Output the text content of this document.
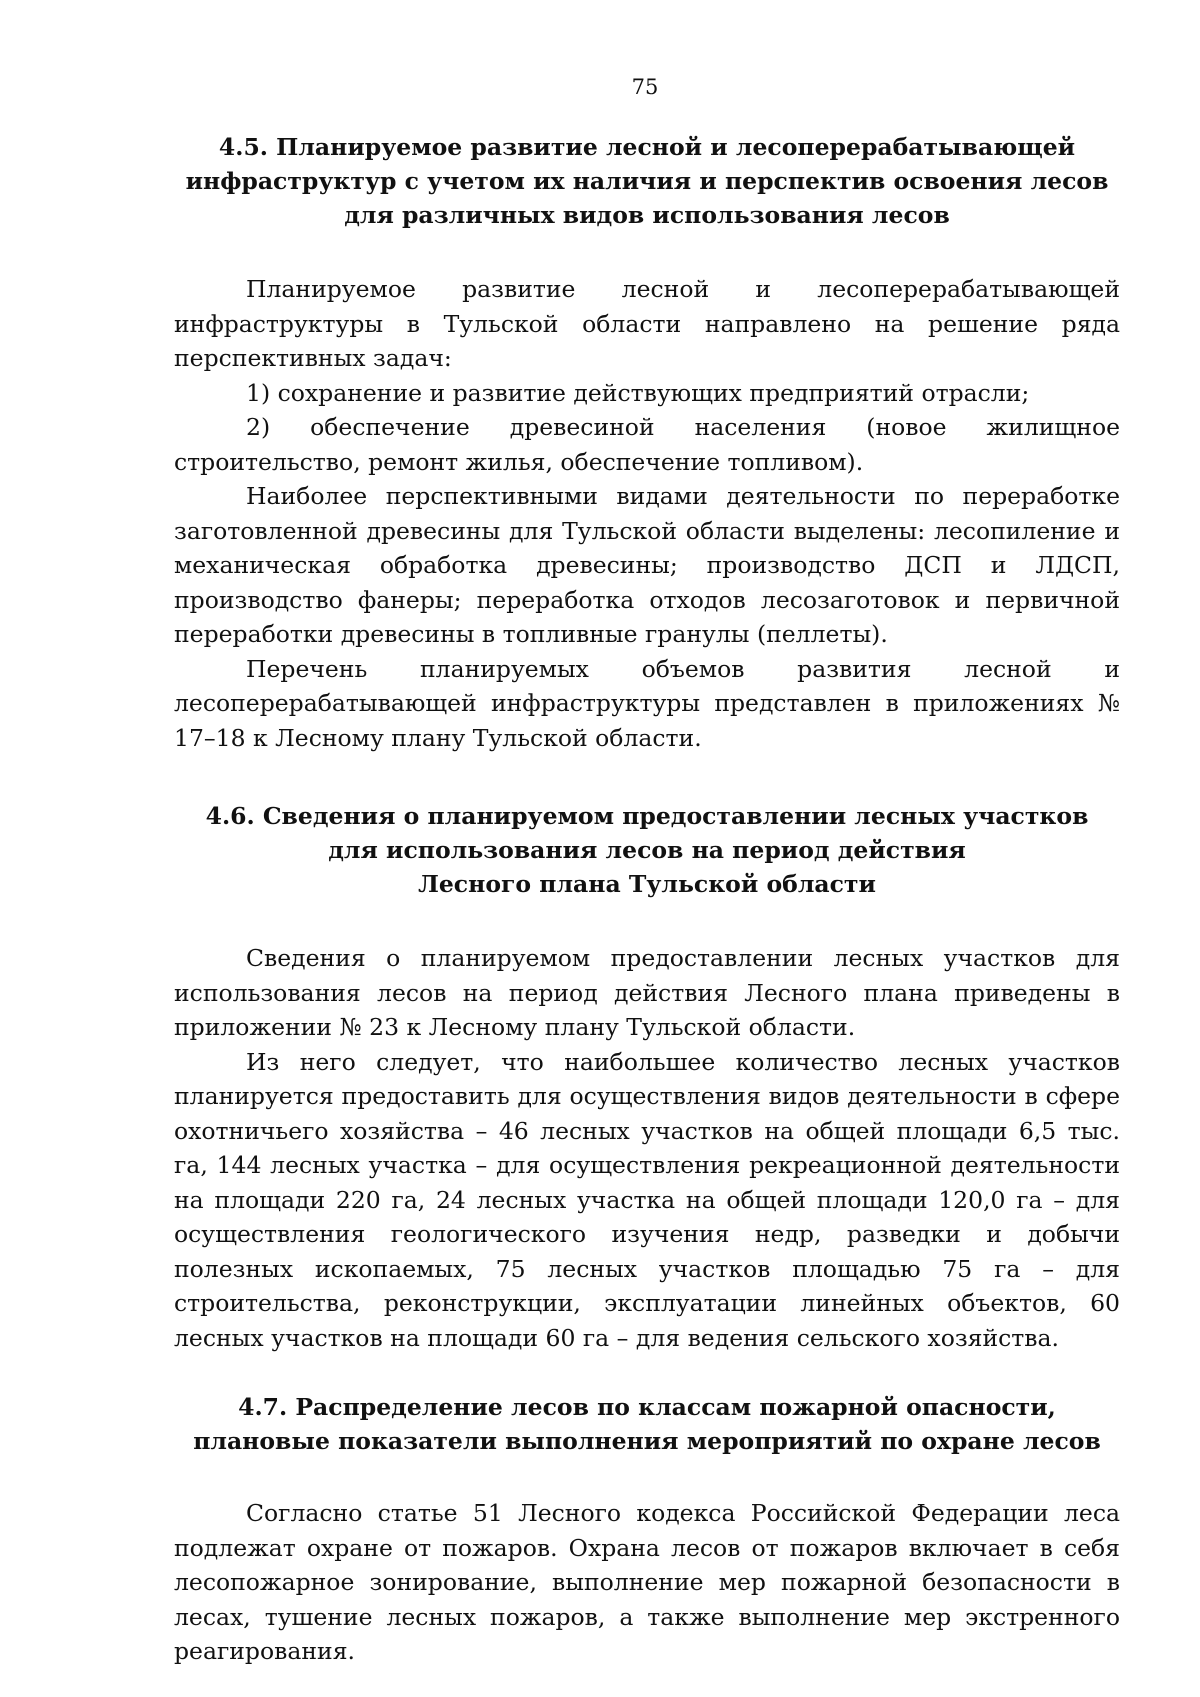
75
4.5. Планируемое развитие лесной и лесоперерабатывающей
инфраструктур с учетом их наличия и перспектив освоения лесов
для различных видов использования лесов

Планируемое развитие лесной и лесоперерабатывающей инфраструктуры в Тульской области направлено на решение ряда перспективных задач:

1) сохранение и развитие действующих предприятий отрасли;

2) обеспечение древесиной населения (новое жилищное строительство, ремонт жилья, обеспечение топливом).

Наиболее перспективными видами деятельности по переработке заготовленной древесины для Тульской области выделены: лесопиление и механическая обработка древесины; производство ДСП и ЛДСП, производство фанеры; переработка отходов лесозаготовок и первичной переработки древесины в топливные гранулы (пеллеты).

Перечень планируемых объемов развития лесной и лесоперерабатывающей инфраструктуры представлен в приложениях № 17–18 к Лесному плану Тульской области.

4.6. Сведения о планируемом предоставлении лесных участков
для использования лесов на период действия
Лесного плана Тульской области

Сведения о планируемом предоставлении лесных участков для использования лесов на период действия Лесного плана приведены в приложении № 23 к Лесному плану Тульской области.

Из него следует, что наибольшее количество лесных участков планируется предоставить для осуществления видов деятельности в сфере охотничьего хозяйства – 46 лесных участков на общей площади 6,5 тыс. га, 144 лесных участка – для осуществления рекреационной деятельности на площади 220 га, 24 лесных участка на общей площади 120,0 га – для осуществления геологического изучения недр, разведки и добычи полезных ископаемых, 75 лесных участков площадью 75 га – для строительства, реконструкции, эксплуатации линейных объектов, 60 лесных участков на площади 60 га – для ведения сельского хозяйства.

4.7. Распределение лесов по классам пожарной опасности,
плановые показатели выполнения мероприятий по охране лесов

Согласно статье 51 Лесного кодекса Российской Федерации леса подлежат охране от пожаров. Охрана лесов от пожаров включает в себя лесопожарное зонирование, выполнение мер пожарной безопасности в лесах, тушение лесных пожаров, а также выполнение мер экстренного реагирования.
